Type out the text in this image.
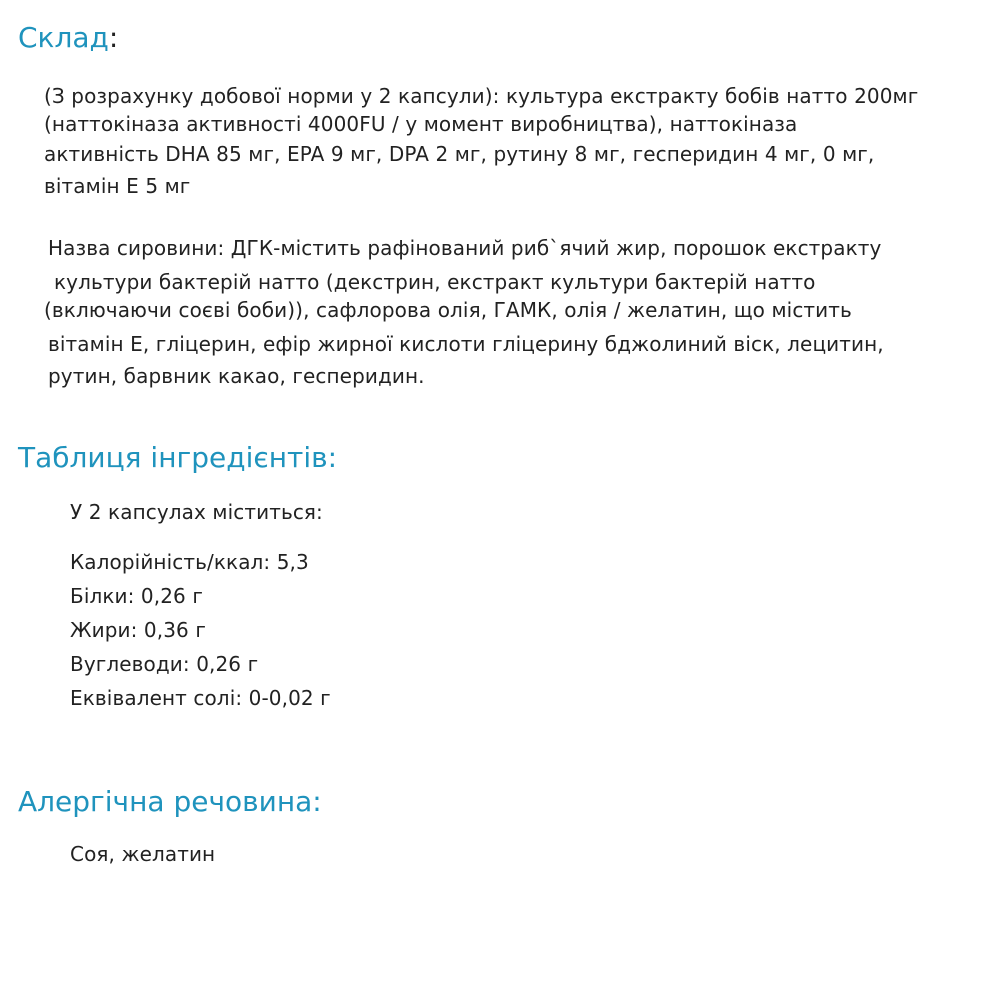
Склад:
(З розрахунку добової норми у 2 капсули): культура екстракту бобів натто 200мг
(наттокіназа активності 4000FU / у момент виробництва), наттокіназа
активність DHA 85 мг, EPA 9 мг, DPA 2 мг, рутину 8 мг, гесперидин 4 мг, 0 мг,
вітамін Е 5 мг
Назва сировини: ДГК-містить рафінований риб`ячий жир, порошок екстракту
культури бактерій натто (декстрин, екстракт культури бактерій натто
(включаючи соєві боби)), сафлорова олія, ГАМК, олія / желатин, що містить
вітамін Е, гліцерин, ефір жирної кислоти гліцерину бджолиний віск, лецитин,
рутин, барвник какао, гесперидин.
Таблиця інгредієнтів:
У 2 капсулах міститься:
Калорійність/ккал: 5,3
Білки: 0,26 г
Жири: 0,36 г
Вуглеводи: 0,26 г
Еквівалент солі: 0-0,02 г
Алергічна речовина:
Соя, желатин
